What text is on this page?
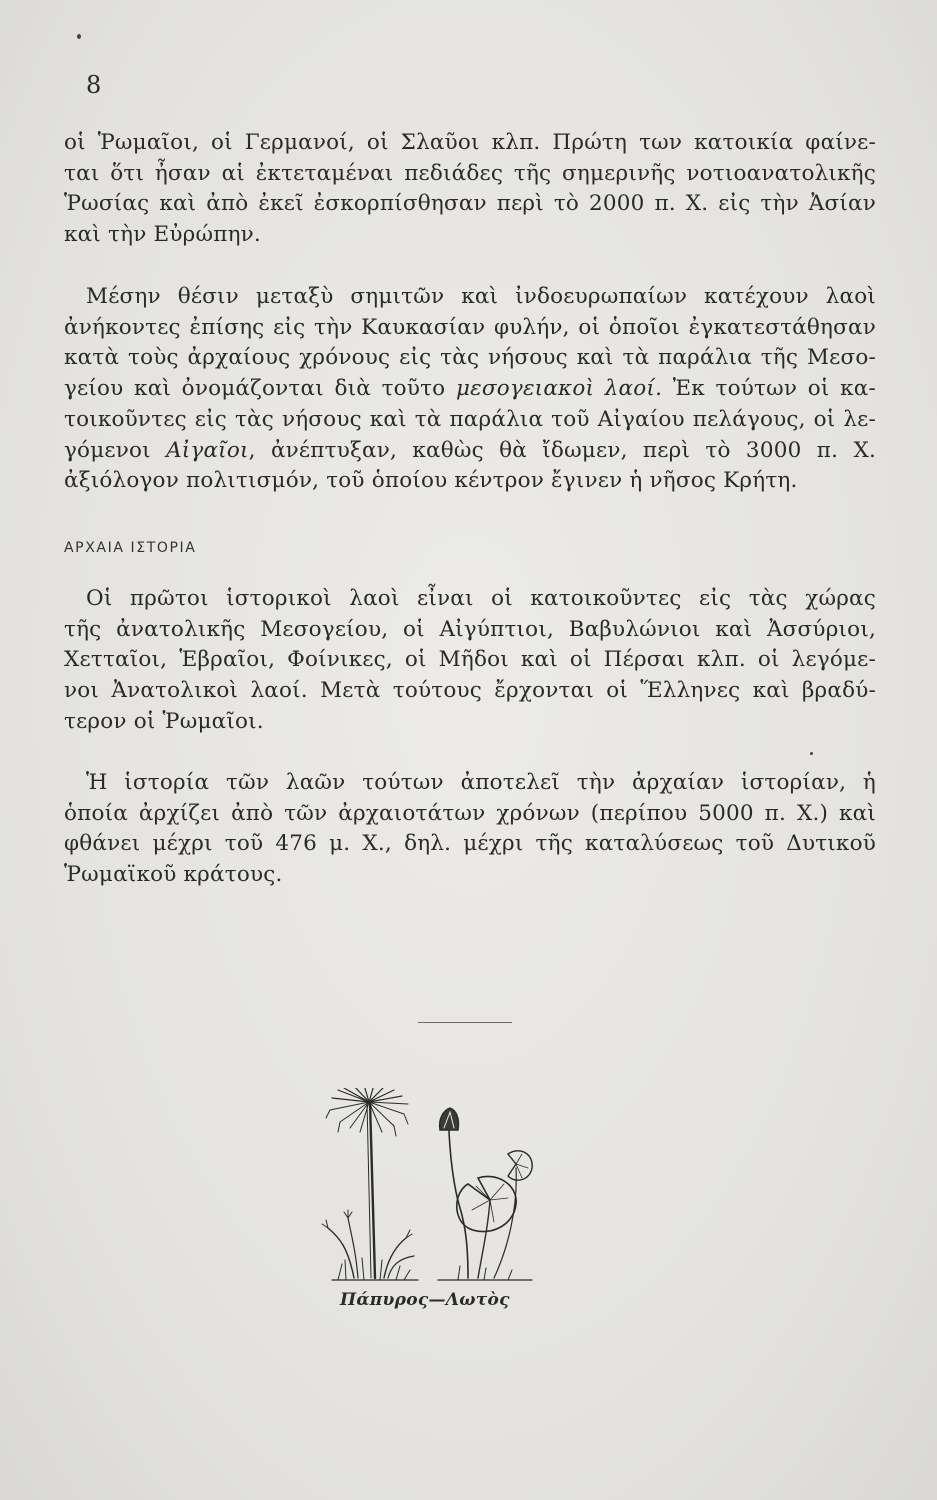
8
οἱ Ῥωμαῖοι, οἱ Γερμανοί, οἱ Σλαῦοι κλπ. Πρώτη των κατοικία φαίνε-
ται ὅτι ἦσαν αἱ ἐκτεταμέναι πεδιάδες τῆς σημερινῆς νοτιοανατολικῆς
Ῥωσίας καὶ ἀπὸ ἐκεῖ ἐσκορπίσθησαν περὶ τὸ 2000 π. Χ. εἰς τὴν Ἀσίαν
καὶ τὴν Εὐρώπην.
Μέσην θέσιν μεταξὺ σημιτῶν καὶ ἰνδοευρωπαίων κατέχουν λαοὶ
ἀνήκοντες ἐπίσης εἰς τὴν Καυκασίαν φυλήν, οἱ ὁποῖοι ἐγκατεστάθησαν
κατὰ τοὺς ἀρχαίους χρόνους εἰς τὰς νήσους καὶ τὰ παράλια τῆς Μεσο-
γείου καὶ ὀνομάζονται διὰ τοῦτο μεσογειακοὶ λαοί. Ἐκ τούτων οἱ κα-
τοικοῦντες εἰς τὰς νήσους καὶ τὰ παράλια τοῦ Αἰγαίου πελάγους, οἱ λε-
γόμενοι Αἰγαῖοι, ἀνέπτυξαν, καθὼς θὰ ἴδωμεν, περὶ τὸ 3000 π. Χ.
ἀξιόλογον πολιτισμόν, τοῦ ὁποίου κέντρον ἔγινεν ἡ νῆσος Κρήτη.
ΑΡΧΑΙΑ ΙΣΤΟΡΙΑ
Οἱ πρῶτοι ἱστορικοὶ λαοὶ εἶναι οἱ κατοικοῦντες εἰς τὰς χώρας
τῆς ἀνατολικῆς Μεσογείου, οἱ Αἰγύπτιοι, Βαβυλώνιοι καὶ Ἀσσύριοι,
Χετταῖοι, Ἑβραῖοι, Φοίνικες, οἱ Μῆδοι καὶ οἱ Πέρσαι κλπ. οἱ λεγόμε-
νοι Ἀνατολικοὶ λαοί. Μετὰ τούτους ἔρχονται οἱ Ἕλληνες καὶ βραδύ-
τερον οἱ Ῥωμαῖοι.
Ἡ ἱστορία τῶν λαῶν τούτων ἀποτελεῖ τὴν ἀρχαίαν ἱστορίαν, ἡ
ὁποία ἀρχίζει ἀπὸ τῶν ἀρχαιοτάτων χρόνων (περίπου 5000 π. Χ.) καὶ
φθάνει μέχρι τοῦ 476 μ. Χ., δηλ. μέχρι τῆς καταλύσεως τοῦ Δυτικοῦ
Ῥωμαϊκοῦ κράτους.
Πάπυρος—Λωτὸς
